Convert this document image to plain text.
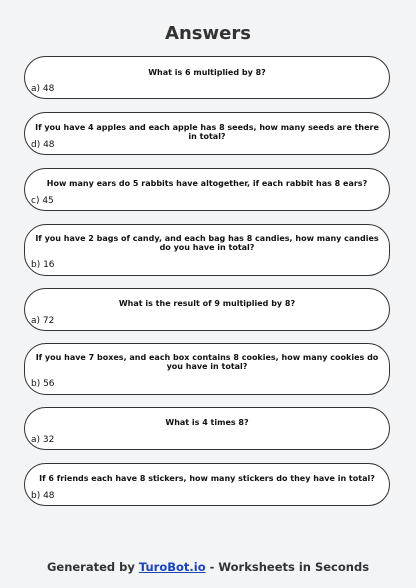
Answers
What is 6 multiplied by 8?
a) 48
If you have 4 apples and each apple has 8 seeds, how many seeds are there in total?
d) 48
How many ears do 5 rabbits have altogether, if each rabbit has 8 ears?
c) 45
If you have 2 bags of candy, and each bag has 8 candies, how many candies do you have in total?
b) 16
What is the result of 9 multiplied by 8?
a) 72
If you have 7 boxes, and each box contains 8 cookies, how many cookies do you have in total?
b) 56
What is 4 times 8?
a) 32
If 6 friends each have 8 stickers, how many stickers do they have in total?
b) 48
Generated by TuroBot.io - Worksheets in Seconds
